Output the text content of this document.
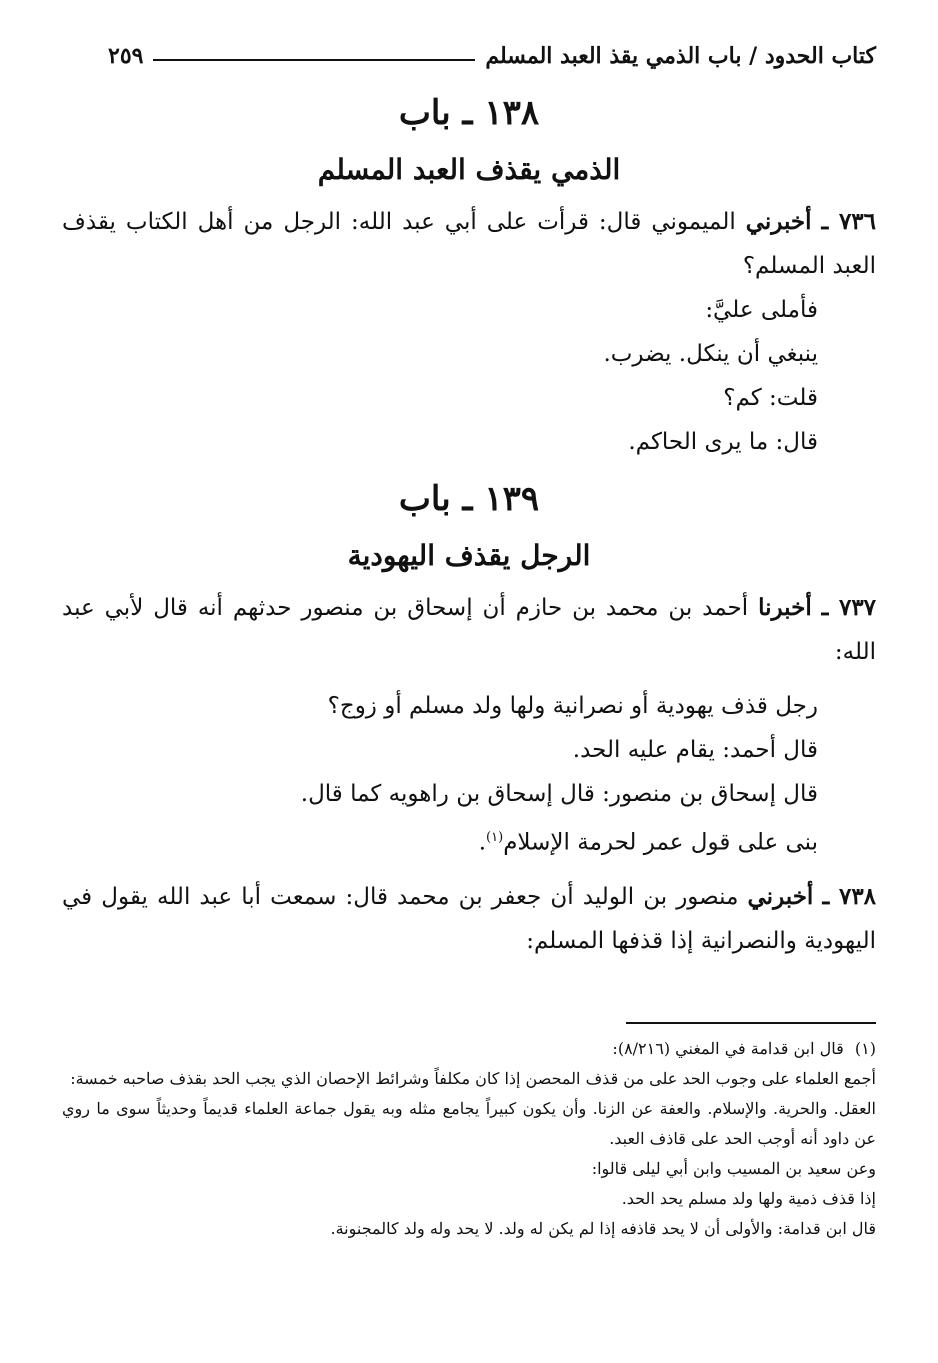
كتاب الحدود / باب الذمي يقذ العبد المسلم
٢٥٩
١٣٨ ـ باب
الذمي يقذف العبد المسلم

٧٣٦ ـ أخبرني الميموني قال: قرأت على أبي عبد الله: الرجل من أهل الكتاب يقذف العبد المسلم؟

فأملى عليَّ:

ينبغي أن ينكل. يضرب.

قلت: كم؟

قال: ما يرى الحاكم.

١٣٩ ـ باب
الرجل يقذف اليهودية

٧٣٧ ـ أخبرنا أحمد بن محمد بن حازم أن إسحاق بن منصور حدثهم أنه قال لأبي عبد الله:

رجل قذف يهودية أو نصرانية ولها ولد مسلم أو زوج؟

قال أحمد: يقام عليه الحد.

قال إسحاق بن منصور: قال إسحاق بن راهويه كما قال.

بنى على قول عمر لحرمة الإسلام$^{(١)}$.

٧٣٨ ـ أخبرني منصور بن الوليد أن جعفر بن محمد قال: سمعت أبا عبد الله يقول في اليهودية والنصرانية إذا قذفها المسلم:

(١) قال ابن قدامة في المغني (٨/٢١٦):

أجمع العلماء على وجوب الحد على من قذف المحصن إذا كان مكلفاً وشرائط الإحصان الذي يجب الحد بقذف صاحبه خمسة:

العقل. والحرية. والإسلام. والعفة عن الزنا. وأن يكون كبيراً يجامع مثله وبه يقول جماعة العلماء قديماً وحديثاً سوى ما روي عن داود أنه أوجب الحد على قاذف العبد.

وعن سعيد بن المسيب وابن أبي ليلى قالوا:

إذا قذف ذمية ولها ولد مسلم يحد الحد.

قال ابن قدامة: والأولى أن لا يحد قاذفه إذا لم يكن له ولد. لا يحد وله ولد كالمجنونة.
